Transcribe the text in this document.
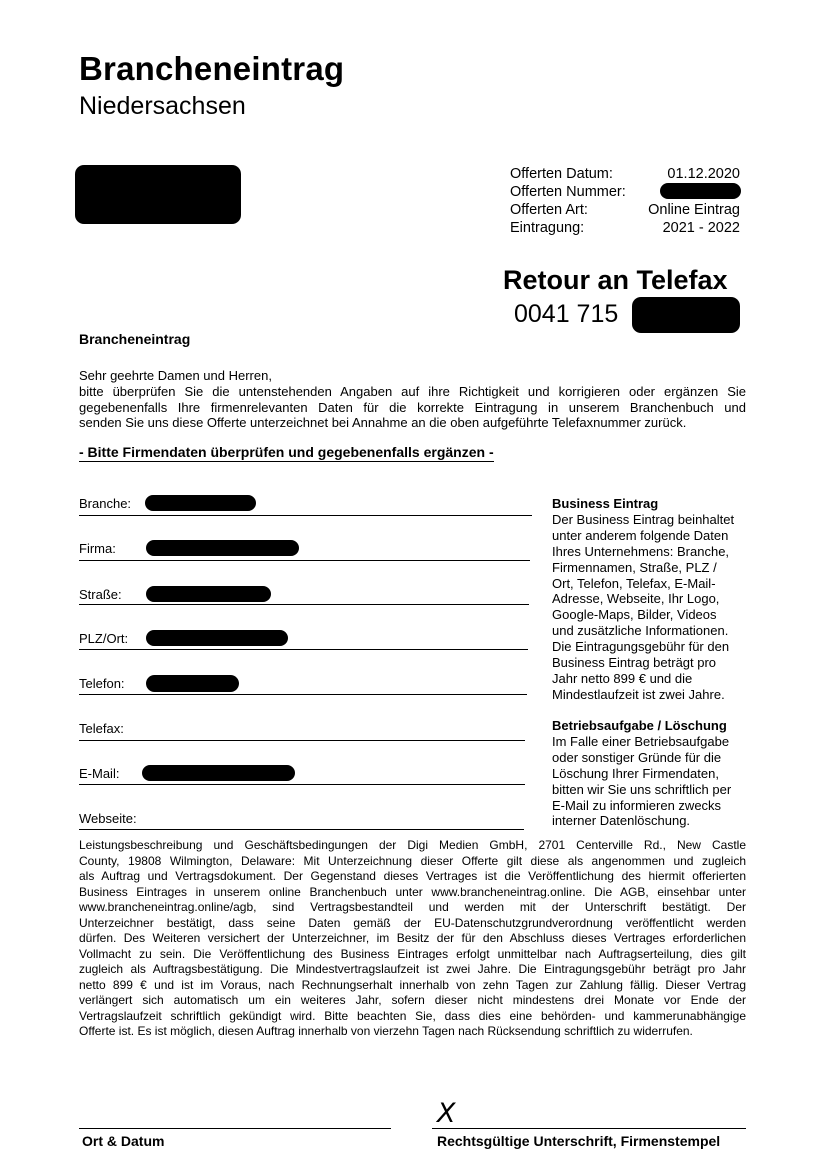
Brancheneintrag
Niedersachsen
Offerten Datum:	01.12.2020
Offerten Nummer:
Offerten Art:	Online Eintrag
Eintragung:	2021 - 2022
Retour an Telefax
0041 715
Brancheneintrag
Sehr geehrte Damen und Herren,
bitte überprüfen Sie die untenstehenden Angaben auf ihre Richtigkeit und korrigieren oder ergänzen Sie
gegebenenfalls Ihre firmenrelevanten Daten für die korrekte Eintragung in unserem Branchenbuch und
senden Sie uns diese Offerte unterzeichnet bei Annahme an die oben aufgeführte Telefaxnummer zurück.
- Bitte Firmendaten überprüfen und gegebenenfalls ergänzen -
Branche:
Firma:
Straße:
PLZ/Ort:
Telefon:
Telefax:
E-Mail:
Webseite:
Business Eintrag
Der Business Eintrag beinhaltet
unter anderem folgende Daten
Ihres Unternehmens: Branche,
Firmennamen, Straße, PLZ /
Ort, Telefon, Telefax, E-Mail-
Adresse, Webseite, Ihr Logo,
Google-Maps, Bilder, Videos
und zusätzliche Informationen.
Die Eintragungsgebühr für den
Business Eintrag beträgt pro
Jahr netto 899 € und die
Mindestlaufzeit ist zwei Jahre.
Betriebsaufgabe / Löschung
Im Falle einer Betriebsaufgabe
oder sonstiger Gründe für die
Löschung Ihrer Firmendaten,
bitten wir Sie uns schriftlich per
E-Mail zu informieren zwecks
interner Datenlöschung.
Leistungsbeschreibung und Geschäftsbedingungen der Digi Medien GmbH, 2701 Centerville Rd., New Castle
County, 19808 Wilmington, Delaware: Mit Unterzeichnung dieser Offerte gilt diese als angenommen und zugleich
als Auftrag und Vertragsdokument. Der Gegenstand dieses Vertrages ist die Veröffentlichung des hiermit offerierten
Business Eintrages in unserem online Branchenbuch unter www.brancheneintrag.online. Die AGB, einsehbar unter
www.brancheneintrag.online/agb, sind Vertragsbestandteil und werden mit der Unterschrift bestätigt. Der
Unterzeichner bestätigt, dass seine Daten gemäß der EU-Datenschutzgrundverordnung veröffentlicht werden
dürfen. Des Weiteren versichert der Unterzeichner, im Besitz der für den Abschluss dieses Vertrages erforderlichen
Vollmacht zu sein. Die Veröffentlichung des Business Eintrages erfolgt unmittelbar nach Auftragserteilung, dies gilt
zugleich als Auftragsbestätigung. Die Mindestvertragslaufzeit ist zwei Jahre. Die Eintragungsgebühr beträgt pro Jahr
netto 899 € und ist im Voraus, nach Rechnungserhalt innerhalb von zehn Tagen zur Zahlung fällig. Dieser Vertrag
verlängert sich automatisch um ein weiteres Jahr, sofern dieser nicht mindestens drei Monate vor Ende der
Vertragslaufzeit schriftlich gekündigt wird. Bitte beachten Sie, dass dies eine behörden- und kammerunabhängige
Offerte ist. Es ist möglich, diesen Auftrag innerhalb von vierzehn Tagen nach Rücksendung schriftlich zu widerrufen.
Ort & Datum
X
Rechtsgültige Unterschrift, Firmenstempel
